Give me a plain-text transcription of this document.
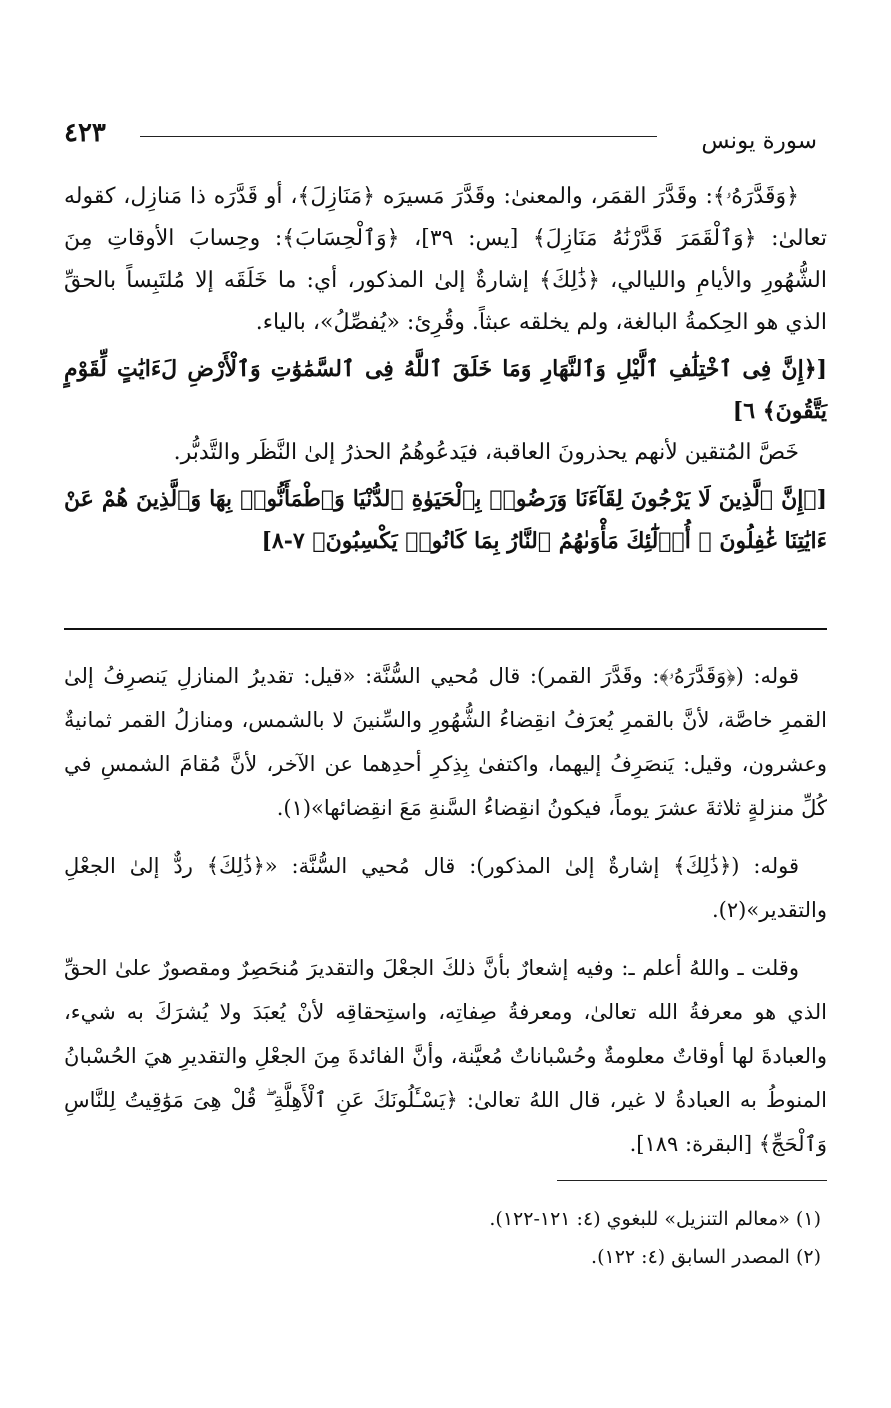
سورة يونس
٤٢٣

﴿وَقَدَّرَهُۥ﴾: وقَدَّرَ القمَر، والمعنىٰ: وقَدَّرَ مَسيرَه ﴿مَنَازِلَ﴾، أو قَدَّرَه ذا مَنازِل، كقوله تعالىٰ: ﴿وَٱلْقَمَرَ قَدَّرْنَٰهُ مَنَازِلَ﴾ [يس: ٣٩]، ﴿وَٱلْحِسَابَ﴾: وحِسابَ الأوقاتِ مِنَ الشُّهُورِ والأيامِ والليالي، ﴿ذَٰلِكَ﴾ إشارةٌ إلىٰ المذكور، أي: ما خَلَقَه إلا مُلتَبِساً بالحقِّ الذي هو الحِكمةُ البالغة، ولم يخلقه عبثاً. وقُرِئ: «يُفصِّلُ»، بالياء.

[﴿إِنَّ فِى ٱخْتِلَٰفِ ٱلَّيْلِ وَٱلنَّهَارِ وَمَا خَلَقَ ٱللَّهُ فِى ٱلسَّمَٰوَٰتِ وَٱلْأَرْضِ لَءَايَٰتٍ لِّقَوْمٍ يَتَّقُونَ﴾ ٦]

خَصَّ المُتقين لأنهم يحذرونَ العاقبة، فيَدعُوهُمُ الحذرُ إلىٰ النَّظَر والتَّدبُّر.

[﴿إِنَّ ٱلَّذِينَ لَا يَرْجُونَ لِقَآءَنَا وَرَضُوا۟ بِٱلْحَيَوٰةِ ٱلدُّنْيَا وَٱطْمَأَنُّوا۟ بِهَا وَٱلَّذِينَ هُمْ عَنْ ءَايَٰتِنَا غَٰفِلُونَ ۞ أُو۟لَٰٓئِكَ مَأْوَىٰهُمُ ٱلنَّارُ بِمَا كَانُوا۟ يَكْسِبُونَ﴾ ٧-٨]

قوله: (﴿وَقَدَّرَهُۥ﴾: وقَدَّرَ القمر): قال مُحيي السُّنَّة: «قيل: تقديرُ المنازلِ يَنصرِفُ إلىٰ القمرِ خاصَّة، لأنَّ بالقمرِ يُعرَفُ انقِضاءُ الشُّهُورِ والسِّنينَ لا بالشمس، ومنازلُ القمر ثمانيةٌ وعشرون، وقيل: يَنصَرِفُ إليهما، واكتفىٰ بِذِكرِ أحدِهما عن الآخر، لأنَّ مُقامَ الشمسِ في كُلِّ منزلةٍ ثلاثةَ عشرَ يوماً، فيكونُ انقِضاءُ السَّنةِ مَعَ انقِضائها»(١).

قوله: (﴿ذَٰلِكَ﴾ إشارةٌ إلىٰ المذكور): قال مُحيي السُّنَّة: «﴿ذَٰلِكَ﴾ ردٌّ إلىٰ الجعْلِ والتقدير»(٢).

وقلت ـ واللهُ أعلم ـ: وفيه إشعارٌ بأنَّ ذلكَ الجعْلَ والتقديرَ مُنحَصِرٌ ومقصورٌ علىٰ الحقِّ الذي هو معرفةُ الله تعالىٰ، ومعرفةُ صِفاتِه، واستِحقاقِه لأنْ يُعبَدَ ولا يُشرَكَ به شيء، والعبادةَ لها أوقاتٌ معلومةٌ وحُسْباناتٌ مُعيَّنة، وأنَّ الفائدةَ مِنَ الجعْلِ والتقديرِ هيَ الحُسْبانُ المنوطُ به العبادةُ لا غير، قال اللهُ تعالىٰ: ﴿يَسْـَٔلُونَكَ عَنِ ٱلْأَهِلَّةِ ۖ قُلْ هِىَ مَوَٰقِيتُ لِلنَّاسِ وَٱلْحَجِّ﴾ [البقرة: ١٨٩].

(١) «معالم التنزيل» للبغوي (٤: ١٢١-١٢٢).

(٢) المصدر السابق (٤: ١٢٢).
